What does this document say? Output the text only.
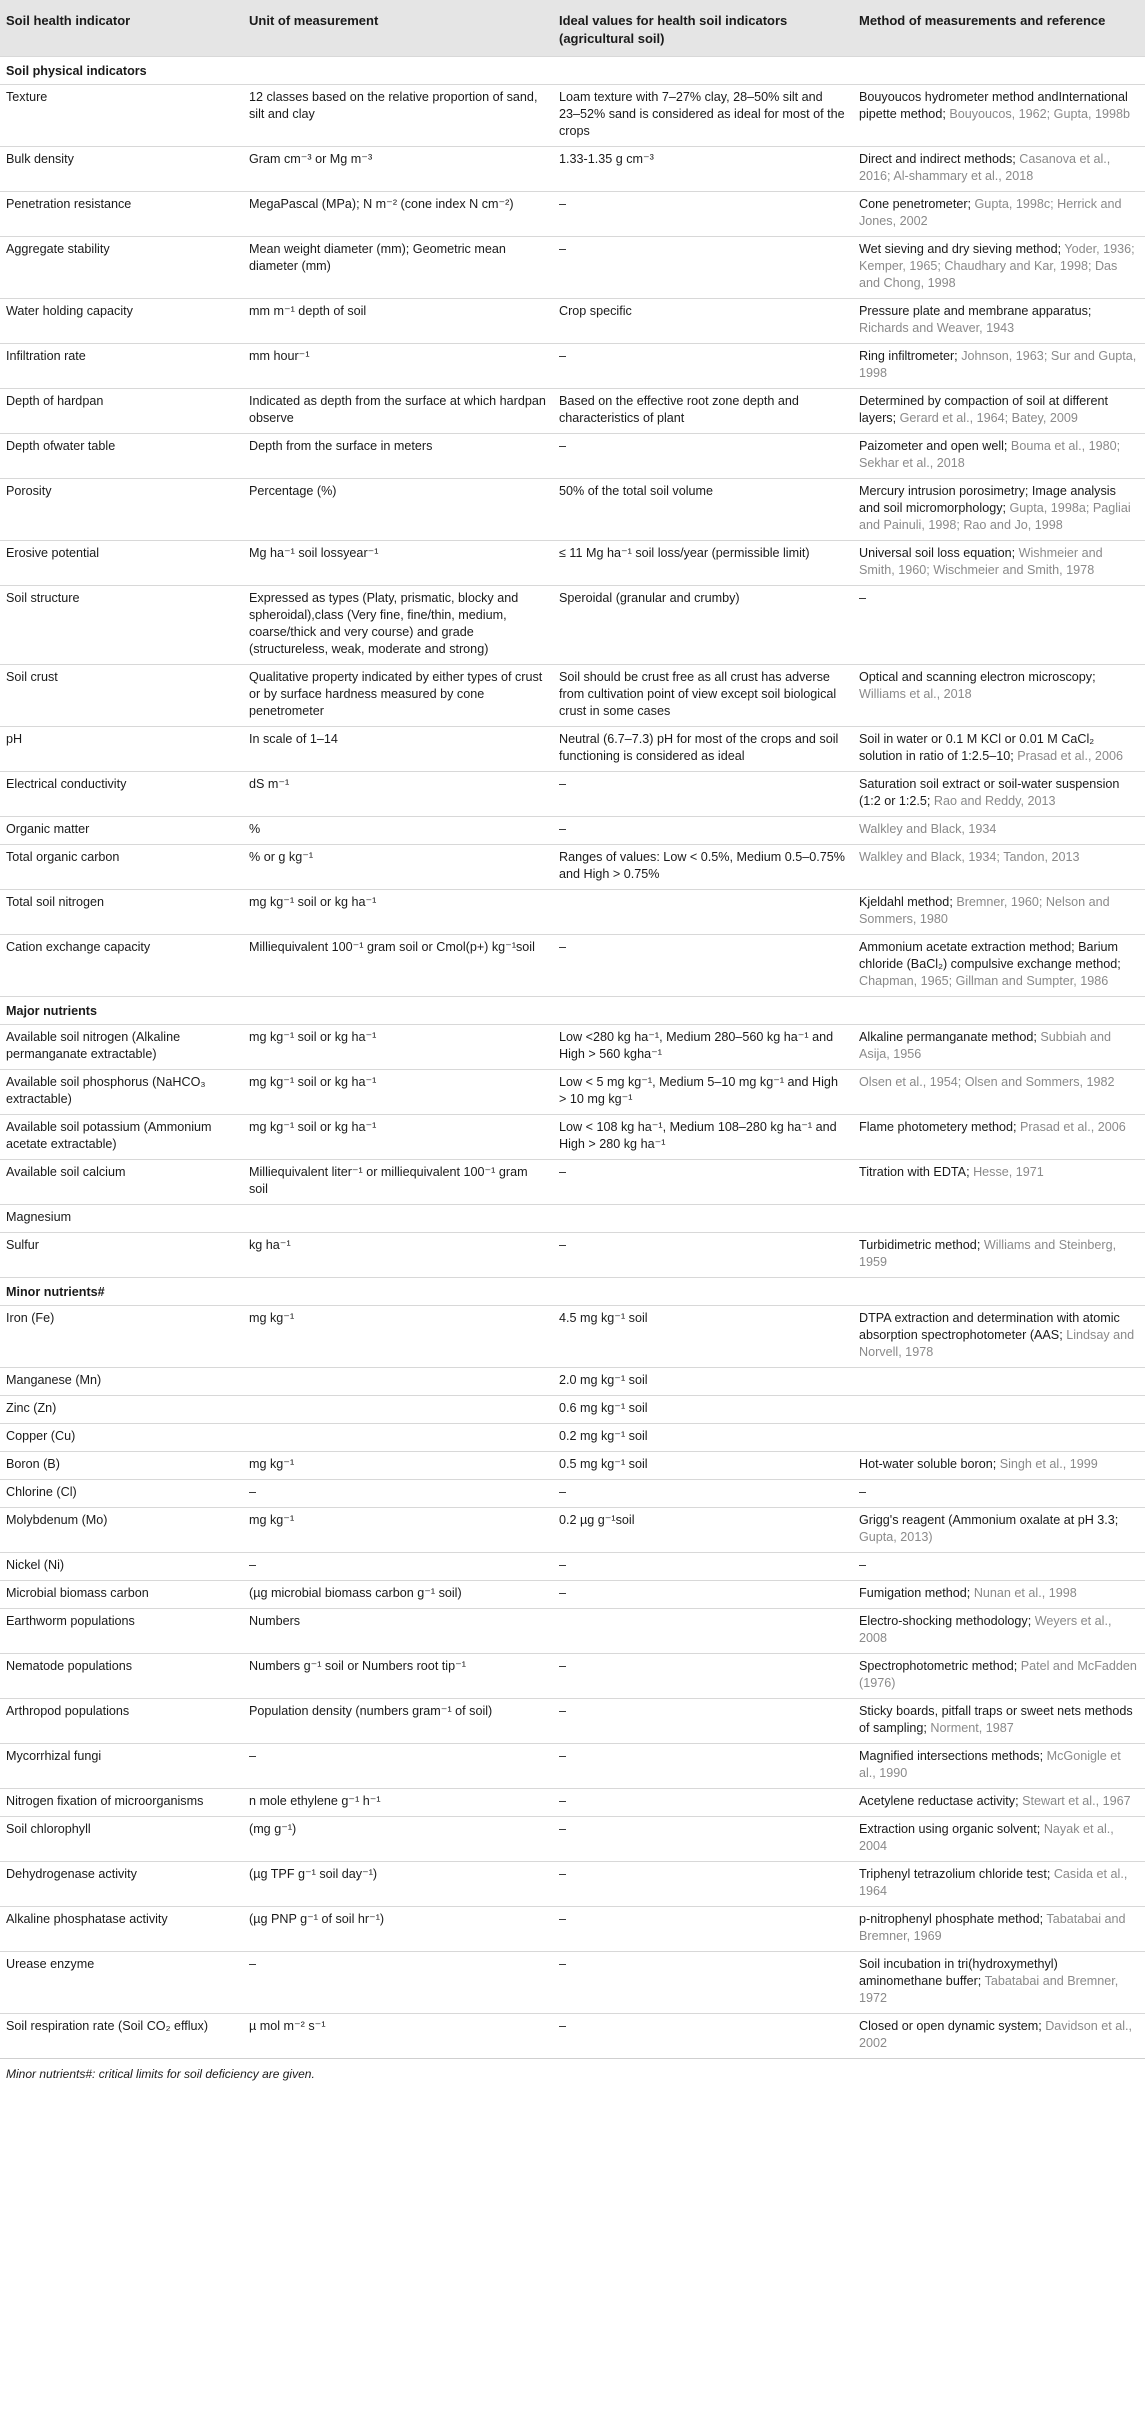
Soil health indicator	Unit of measurement	Ideal values for health soil indicators (agricultural soil)	Method of measurements and reference
Soil physical indicators			
Texture	12 classes based on the relative proportion of sand, silt and clay	Loam texture with 7–27% clay, 28–50% silt and 23–52% sand is considered as ideal for most of the crops	Bouyoucos hydrometer method andInternational pipette method; Bouyoucos, 1962; Gupta, 1998b
Bulk density	Gram cm⁻³ or Mg m⁻³	1.33-1.35 g cm⁻³	Direct and indirect methods; Casanova et al., 2016; Al-shammary et al., 2018
Penetration resistance	MegaPascal (MPa); N m⁻² (cone index N cm⁻²)	–	Cone penetrometer; Gupta, 1998c; Herrick and Jones, 2002
Aggregate stability	Mean weight diameter (mm); Geometric mean diameter (mm)	–	Wet sieving and dry sieving method; Yoder, 1936; Kemper, 1965; Chaudhary and Kar, 1998; Das and Chong, 1998
Water holding capacity	mm m⁻¹ depth of soil	Crop specific	Pressure plate and membrane apparatus; Richards and Weaver, 1943
Infiltration rate	mm hour⁻¹	–	Ring infiltrometer; Johnson, 1963; Sur and Gupta, 1998
Depth of hardpan	Indicated as depth from the surface at which hardpan observe	Based on the effective root zone depth and characteristics of plant	Determined by compaction of soil at different layers; Gerard et al., 1964; Batey, 2009
Depth ofwater table	Depth from the surface in meters	–	Paizometer and open well; Bouma et al., 1980; Sekhar et al., 2018
Porosity	Percentage (%)	50% of the total soil volume	Mercury intrusion porosimetry; Image analysis and soil micromorphology; Gupta, 1998a; Pagliai and Painuli, 1998; Rao and Jo, 1998
Erosive potential	Mg ha⁻¹ soil lossyear⁻¹	≤ 11 Mg ha⁻¹ soil loss/year (permissible limit)	Universal soil loss equation; Wishmeier and Smith, 1960; Wischmeier and Smith, 1978
Soil structure	Expressed as types (Platy, prismatic, blocky and spheroidal),class (Very fine, fine/thin, medium, coarse/thick and very course) and grade (structureless, weak, moderate and strong)	Speroidal (granular and crumby)	–
Soil crust	Qualitative property indicated by either types of crust or by surface hardness measured by cone penetrometer	Soil should be crust free as all crust has adverse from cultivation point of view except soil biological crust in some cases	Optical and scanning electron microscopy; Williams et al., 2018
pH	In scale of 1–14	Neutral (6.7–7.3) pH for most of the crops and soil functioning is considered as ideal	Soil in water or 0.1 M KCl or 0.01 M CaCl₂ solution in ratio of 1:2.5–10; Prasad et al., 2006
Electrical conductivity	dS m⁻¹	–	Saturation soil extract or soil-water suspension (1:2 or 1:2.5; Rao and Reddy, 2013
Organic matter	%	–	Walkley and Black, 1934
Total organic carbon	% or g kg⁻¹	Ranges of values: Low < 0.5%, Medium 0.5–0.75% and High > 0.75%	Walkley and Black, 1934; Tandon, 2013
Total soil nitrogen	mg kg⁻¹ soil or kg ha⁻¹		Kjeldahl method; Bremner, 1960; Nelson and Sommers, 1980
Cation exchange capacity	Milliequivalent 100⁻¹ gram soil or Cmol(p+) kg⁻¹soil	–	Ammonium acetate extraction method; Barium chloride (BaCl₂) compulsive exchange method; Chapman, 1965; Gillman and Sumpter, 1986
Major nutrients			
Available soil nitrogen (Alkaline permanganate extractable)	mg kg⁻¹ soil or kg ha⁻¹	Low <280 kg ha⁻¹, Medium 280–560 kg ha⁻¹ and High > 560 kgha⁻¹	Alkaline permanganate method; Subbiah and Asija, 1956
Available soil phosphorus (NaHCO₃ extractable)	mg kg⁻¹ soil or kg ha⁻¹	Low < 5 mg kg⁻¹, Medium 5–10 mg kg⁻¹ and High > 10 mg kg⁻¹	Olsen et al., 1954; Olsen and Sommers, 1982
Available soil potassium (Ammonium acetate extractable)	mg kg⁻¹ soil or kg ha⁻¹	Low < 108 kg ha⁻¹, Medium 108–280 kg ha⁻¹ and High > 280 kg ha⁻¹	Flame photometery method; Prasad et al., 2006
Available soil calcium	Milliequivalent liter⁻¹ or milliequivalent 100⁻¹ gram soil	–	Titration with EDTA; Hesse, 1971
Magnesium			
Sulfur	kg ha⁻¹	–	Turbidimetric method; Williams and Steinberg, 1959
Minor nutrients#			
Iron (Fe)	mg kg⁻¹	4.5 mg kg⁻¹ soil	DTPA extraction and determination with atomic absorption spectrophotometer (AAS; Lindsay and Norvell, 1978
Manganese (Mn)		2.0 mg kg⁻¹ soil	
Zinc (Zn)		0.6 mg kg⁻¹ soil	
Copper (Cu)		0.2 mg kg⁻¹ soil	
Boron (B)	mg kg⁻¹	0.5 mg kg⁻¹ soil	Hot-water soluble boron; Singh et al., 1999
Chlorine (Cl)	–	–	–
Molybdenum (Mo)	mg kg⁻¹	0.2 µg g⁻¹soil	Grigg's reagent (Ammonium oxalate at pH 3.3; Gupta, 2013)
Nickel (Ni)	–	–	–
Microbial biomass carbon	(µg microbial biomass carbon g⁻¹ soil)	–	Fumigation method; Nunan et al., 1998
Earthworm populations	Numbers		Electro-shocking methodology; Weyers et al., 2008
Nematode populations	Numbers g⁻¹ soil or Numbers root tip⁻¹	–	Spectrophotometric method; Patel and McFadden (1976)
Arthropod populations	Population density (numbers gram⁻¹ of soil)	–	Sticky boards, pitfall traps or sweet nets methods of sampling; Norment, 1987
Mycorrhizal fungi	–	–	Magnified intersections methods; McGonigle et al., 1990
Nitrogen fixation of microorganisms	n mole ethylene g⁻¹ h⁻¹	–	Acetylene reductase activity; Stewart et al., 1967
Soil chlorophyll	(mg g⁻¹)	–	Extraction using organic solvent; Nayak et al., 2004
Dehydrogenase activity	(µg TPF g⁻¹ soil day⁻¹)	–	Triphenyl tetrazolium chloride test; Casida et al., 1964
Alkaline phosphatase activity	(µg PNP g⁻¹ of soil hr⁻¹)	–	p-nitrophenyl phosphate method; Tabatabai and Bremner, 1969
Urease enzyme	–	–	Soil incubation in tri(hydroxymethyl) aminomethane buffer; Tabatabai and Bremner, 1972
Soil respiration rate (Soil CO₂ efflux)	µ mol m⁻² s⁻¹	–	Closed or open dynamic system; Davidson et al., 2002
Minor nutrients#: critical limits for soil deficiency are given.
